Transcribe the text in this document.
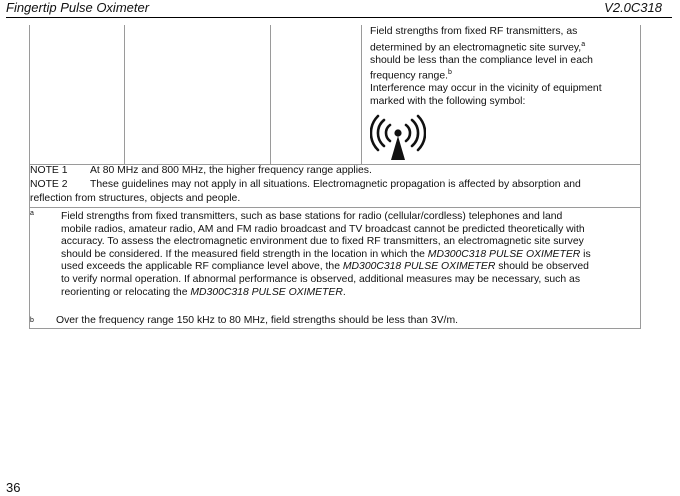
Fingertip Pulse Oximeter	V2.0C318

Field strengths from fixed RF transmitters, as

determined by an electromagnetic site survey,$^a$

should be less than the compliance level in each

frequency range.$^b$

Interference may occur in the vicinity of equipment

marked with the following symbol:

NOTE 1 At 80 MHz and 800 MHz, the higher frequency range applies.
NOTE 2 These guidelines may not apply in all situations. Electromagnetic propagation is affected by absorption and
reflection from structures, objects and people.
a	Field strengths from fixed transmitters, such as base stations for radio (cellular/cordless) telephones and land

mobile radios, amateur radio, AM and FM radio broadcast and TV broadcast cannot be predicted theoretically with

accuracy. To assess the electromagnetic environment due to fixed RF transmitters, an electromagnetic site survey

should be considered. If the measured field strength in the location in which the MD300C318 PULSE OXIMETER is

used exceeds the applicable RF compliance level above, the MD300C318 PULSE OXIMETER should be observed

to verify normal operation. If abnormal performance is observed, additional measures may be necessary, such as

reorienting or relocating the MD300C318 PULSE OXIMETER.

b Over the frequency range 150 kHz to 80 MHz, field strengths should be less than 3V/m.
36
